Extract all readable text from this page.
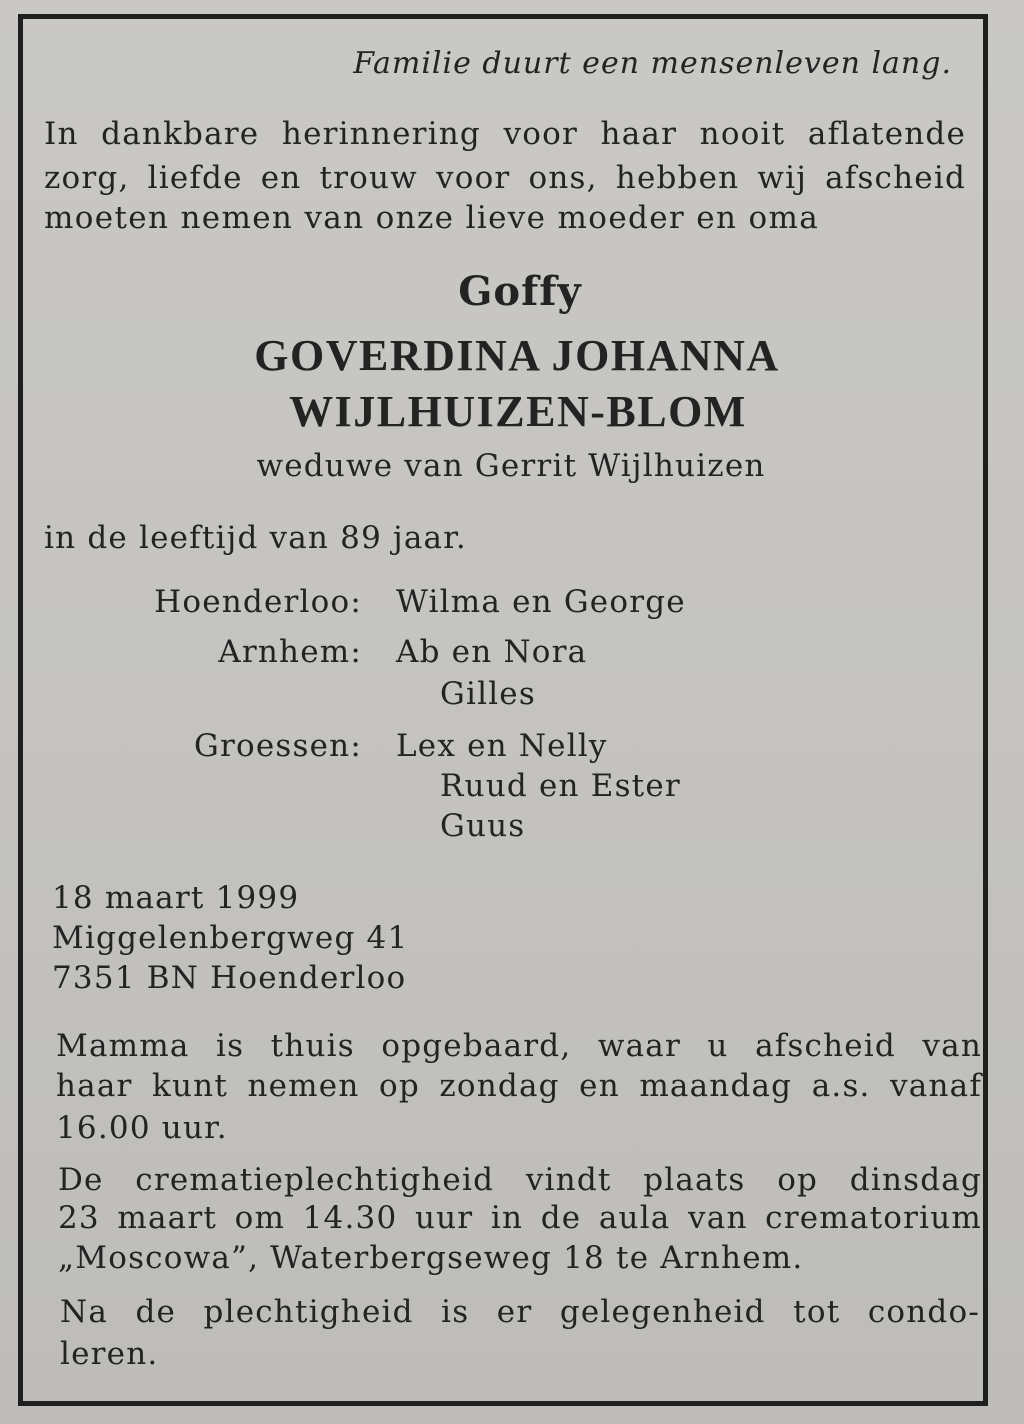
Familie duurt een mensenleven lang.

In dankbare herinnering voor haar nooit aflatende

zorg, liefde en trouw voor ons, hebben wij afscheid

moeten nemen van onze lieve moeder en oma

Goffy

GOVERDINA JOHANNA

WIJLHUIZEN-BLOM

weduwe van Gerrit Wijlhuizen

in de leeftijd van 89 jaar.

Hoenderloo: Wilma en George

Arnhem: Ab en Nora

Gilles

Groessen: Lex en Nelly

Ruud en Ester

Guus

18 maart 1999

Miggelenbergweg 41

7351 BN Hoenderloo

Mamma is thuis opgebaard, waar u afscheid van

haar kunt nemen op zondag en maandag a.s. vanaf

16.00 uur.

De crematieplechtigheid vindt plaats op dinsdag

23 maart om 14.30 uur in de aula van crematorium

„Moscowa”, Waterbergseweg 18 te Arnhem.

Na de plechtigheid is er gelegenheid tot condo-

leren.
